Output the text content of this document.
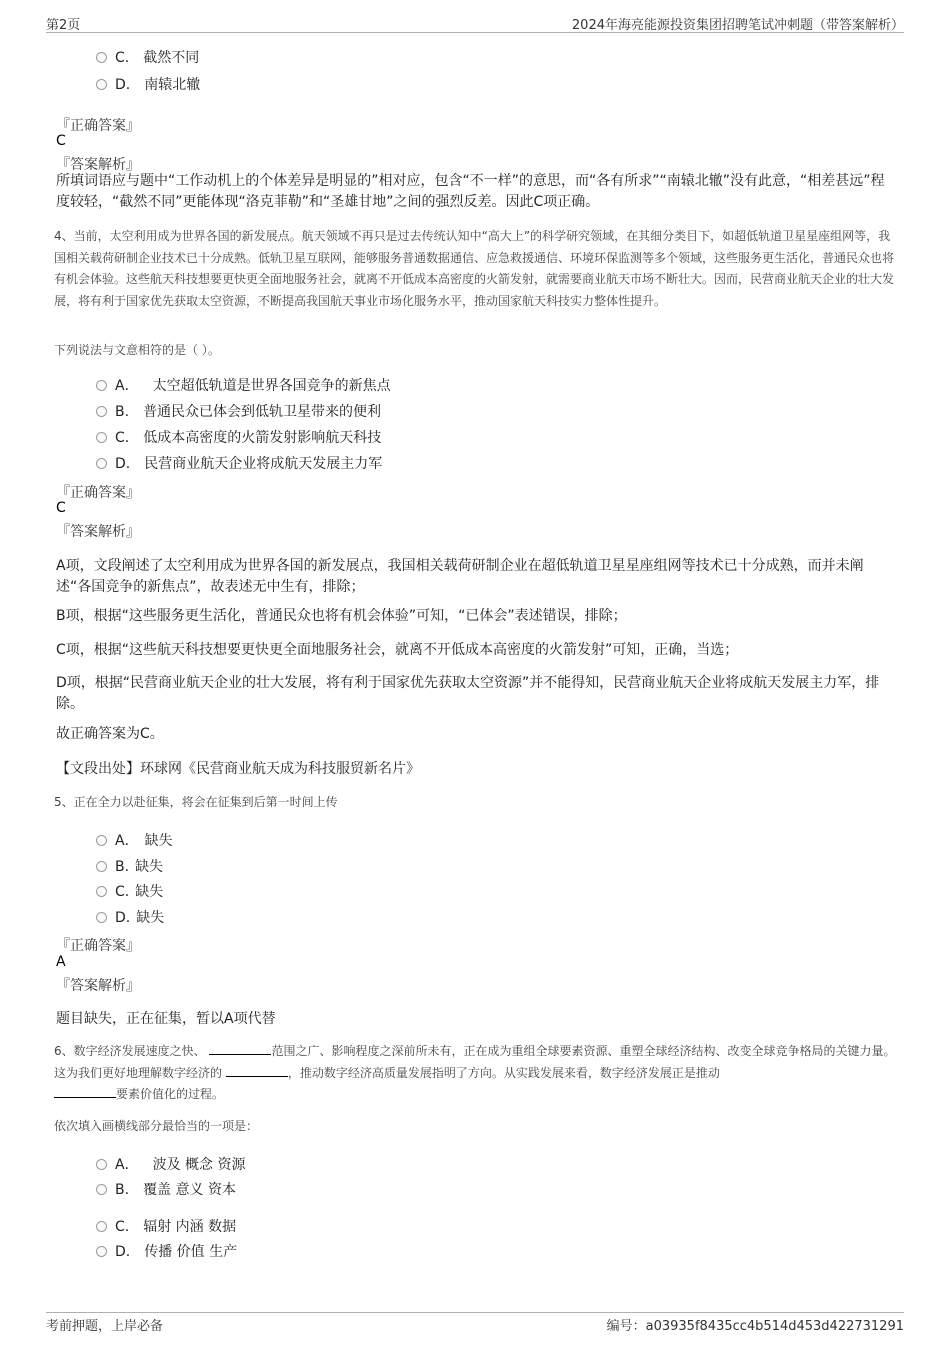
第2页	2024年海亮能源投资集团招聘笔试冲刺题（带答案解析）
C. 截然不同
D. 南辕北辙
『正确答案』
C
『答案解析』
所填词语应与题中“工作动机上的个体差异是明显的”相对应，包含“不一样”的意思，而“各有所求”“南辕北辙”没有此意，“相差甚远”程度较轻，“截然不同”更能体现“洛克菲勒”和“圣雄甘地”之间的强烈反差。因此C项正确。
4、当前，太空利用成为世界各国的新发展点。航天领域不再只是过去传统认知中“高大上”的科学研究领域，在其细分类目下，如超低轨道卫星星座组网等，我国相关载荷研制企业技术已十分成熟。低轨卫星互联网，能够服务普通数据通信、应急救援通信、环境环保监测等多个领域，这些服务更生活化，普通民众也将有机会体验。这些航天科技想要更快更全面地服务社会，就离不开低成本高密度的火箭发射，就需要商业航天市场不断壮大。因而，民营商业航天企业的壮大发展，将有利于国家优先获取太空资源，不断提高我国航天事业市场化服务水平，推动国家航天科技实力整体性提升。
下列说法与文意相符的是（ ）。
A． 太空超低轨道是世界各国竞争的新焦点
B. 普通民众已体会到低轨卫星带来的便利
C. 低成本高密度的火箭发射影响航天科技
D. 民营商业航天企业将成航天发展主力军
『正确答案』
C
『答案解析』
A项，文段阐述了太空利用成为世界各国的新发展点，我国相关载荷研制企业在超低轨道卫星星座组网等技术已十分成熟，而并未阐述“各国竞争的新焦点”，故表述无中生有，排除；
B项，根据“这些服务更生活化，普通民众也将有机会体验”可知，“已体会”表述错误，排除；
C项，根据“这些航天科技想要更快更全面地服务社会，就离不开低成本高密度的火箭发射”可知，正确，当选；
D项，根据“民营商业航天企业的壮大发展，将有利于国家优先获取太空资源”并不能得知，民营商业航天企业将成航天发展主力军，排除。
故正确答案为C。
【文段出处】环球网《民营商业航天成为科技服贸新名片》
5、正在全力以赴征集，将会在征集到后第一时间上传
A． 缺失
B. 缺失
C. 缺失
D. 缺失
『正确答案』
A
『答案解析』
题目缺失，正在征集，暂以A项代替
6、数字经济发展速度之快、	范围之广、影响程度之深前所未有，正在成为重组全球要素资源、重塑全球经济结构、改变全球竞争格局的关键力量。这为我们更好地理解数字经济的	，推动数字经济高质量发展指明了方向。从实践发展来看，数字经济发展正是推动
要素价值化的过程。
依次填入画横线部分最恰当的一项是：
A． 波及 概念 资源
B. 覆盖 意义 资本
C. 辐射 内涵 数据
D. 传播 价值 生产
考前押题，上岸必备	编号：a03935f8435cc4b514d453d422731291
